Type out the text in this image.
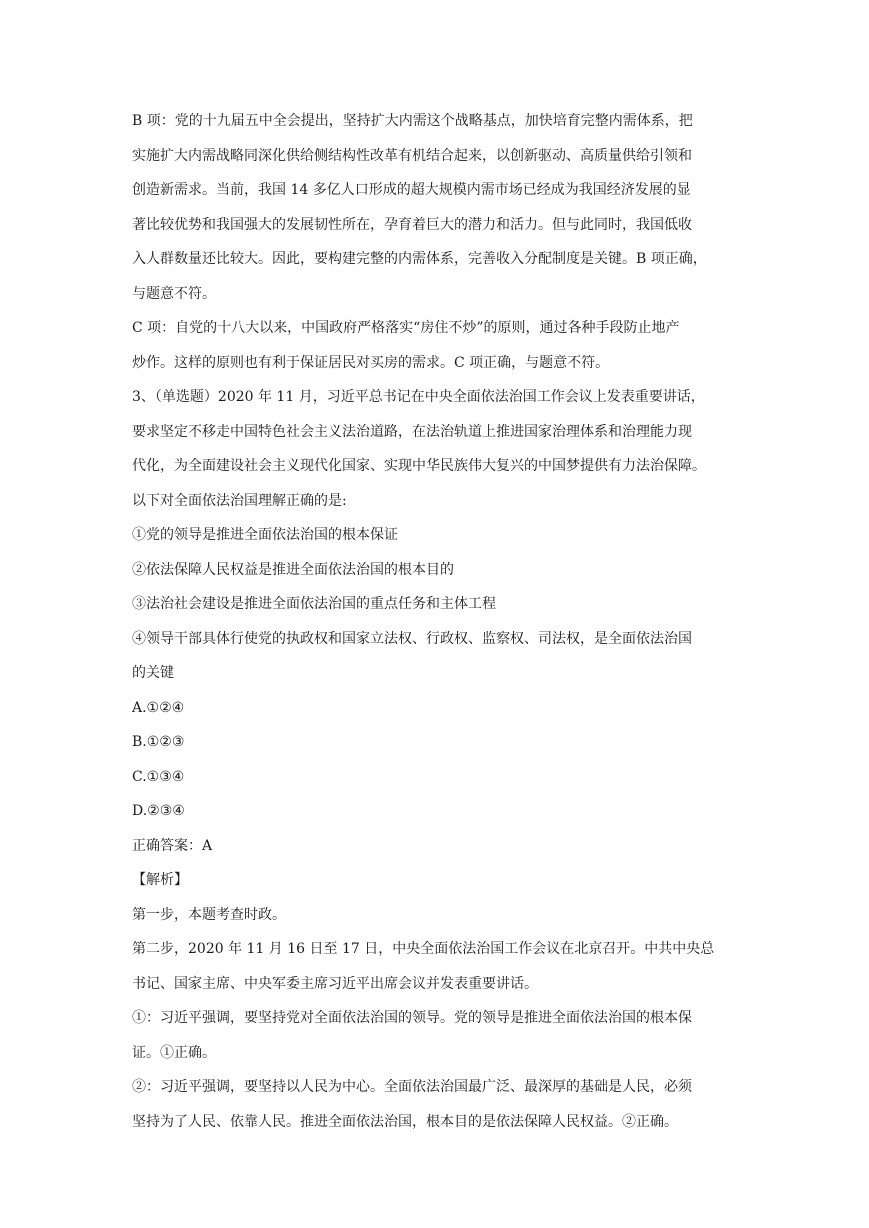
B 项：党的十九届五中全会提出，坚持扩大内需这个战略基点，加快培育完整内需体系，把
实施扩大内需战略同深化供给侧结构性改革有机结合起来，以创新驱动、高质量供给引领和
创造新需求。当前，我国 14 多亿人口形成的超大规模内需市场已经成为我国经济发展的显
著比较优势和我国强大的发展韧性所在，孕育着巨大的潜力和活力。但与此同时，我国低收
入人群数量还比较大。因此，要构建完整的内需体系，完善收入分配制度是关键。B 项正确，
与题意不符。
C 项：自党的十八大以来，中国政府严格落实“房住不炒”的原则，通过各种手段防止地产
炒作。这样的原则也有利于保证居民对买房的需求。C 项正确，与题意不符。
3、（单选题）2020 年 11 月，习近平总书记在中央全面依法治国工作会议上发表重要讲话，
要求坚定不移走中国特色社会主义法治道路，在法治轨道上推进国家治理体系和治理能力现
代化，为全面建设社会主义现代化国家、实现中华民族伟大复兴的中国梦提供有力法治保障。
以下对全面依法治国理解正确的是:
①党的领导是推进全面依法治国的根本保证
②依法保障人民权益是推进全面依法治国的根本目的
③法治社会建设是推进全面依法治国的重点任务和主体工程
④领导干部具体行使党的执政权和国家立法权、行政权、监察权、司法权，是全面依法治国
的关键
A.①②④
B.①②③
C.①③④
D.②③④
正确答案：A
【解析】
第一步，本题考查时政。
第二步，2020 年 11 月 16 日至 17 日，中央全面依法治国工作会议在北京召开。中共中央总
书记、国家主席、中央军委主席习近平出席会议并发表重要讲话。
①：习近平强调，要坚持党对全面依法治国的领导。党的领导是推进全面依法治国的根本保
证。①正确。
②：习近平强调，要坚持以人民为中心。全面依法治国最广泛、最深厚的基础是人民，必须
坚持为了人民、依靠人民。推进全面依法治国，根本目的是依法保障人民权益。②正确。
